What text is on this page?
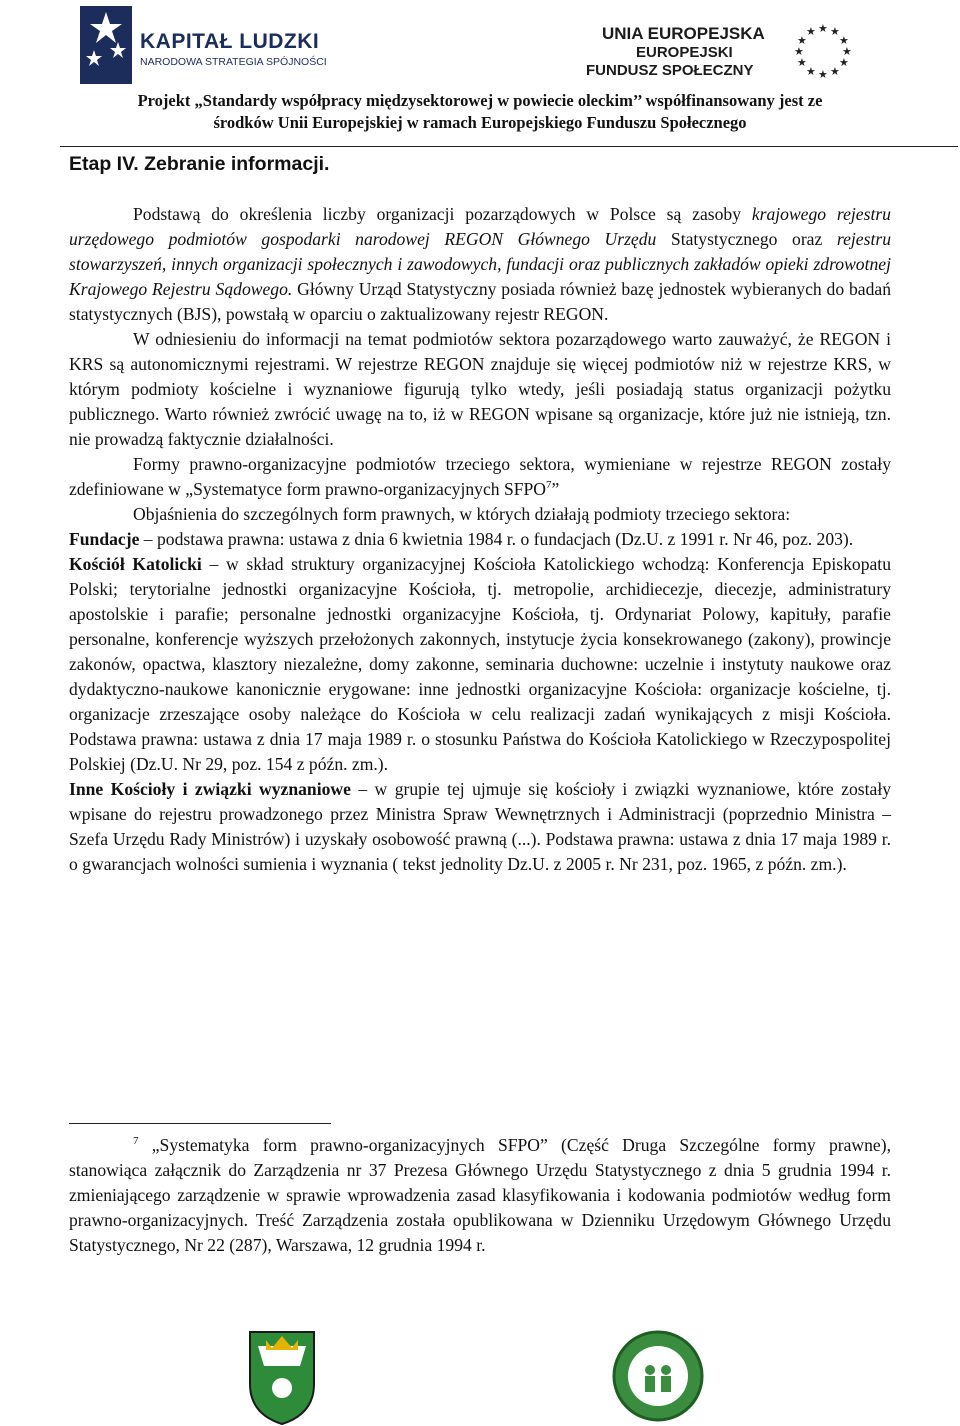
KAPITAŁ LUDZKI
NARODOWA STRATEGIA SPÓJNOŚCI
UNIA EUROPEJSKA
EUROPEJSKI
FUNDUSZ SPOŁECZNY
★ ★
★
★
★
★
★
★
★
★
★
★
Projekt „Standardy współpracy międzysektorowej w powiecie oleckim’’ współfinansowany jest ze
środków Unii Europejskiej w ramach Europejskiego Funduszu Społecznego
Etap IV. Zebranie informacji.

Podstawą do określenia liczby organizacji pozarządowych w Polsce są zasoby krajowego rejestru urzędowego podmiotów gospodarki narodowej REGON Głównego Urzędu Statystycznego oraz rejestru stowarzyszeń, innych organizacji społecznych i zawodowych, fundacji oraz publicznych zakładów opieki zdrowotnej Krajowego Rejestru Sądowego. Główny Urząd Statystyczny posiada również bazę jednostek wybieranych do badań statystycznych (BJS), powstałą w oparciu o zaktualizowany rejestr REGON.

W odniesieniu do informacji na temat podmiotów sektora pozarządowego warto zauważyć, że REGON i KRS są autonomicznymi rejestrami. W rejestrze REGON znajduje się więcej podmiotów niż w rejestrze KRS, w którym podmioty kościelne i wyznaniowe figurują tylko wtedy, jeśli posiadają status organizacji pożytku publicznego. Warto również zwrócić uwagę na to, iż w REGON wpisane są organizacje, które już nie istnieją, tzn. nie prowadzą faktycznie działalności.

Formy prawno-organizacyjne podmiotów trzeciego sektora, wymieniane w rejestrze REGON zostały zdefiniowane w „Systematyce form prawno-organizacyjnych SFPO$^7$”

Objaśnienia do szczególnych form prawnych, w których działają podmioty trzeciego sektora:

Fundacje – podstawa prawna: ustawa z dnia 6 kwietnia 1984 r. o fundacjach (Dz.U. z 1991 r. Nr 46, poz. 203).

Kościół Katolicki – w skład struktury organizacyjnej Kościoła Katolickiego wchodzą: Konferencja Episkopatu Polski; terytorialne jednostki organizacyjne Kościoła, tj. metropolie, archidiecezje, diecezje, administratury apostolskie i parafie; personalne jednostki organizacyjne Kościoła, tj. Ordynariat Polowy, kapituły, parafie personalne, konferencje wyższych przełożonych zakonnych, instytucje życia konsekrowanego (zakony), prowincje zakonów, opactwa, klasztory niezależne, domy zakonne, seminaria duchowne: uczelnie i instytuty naukowe oraz dydaktyczno-naukowe kanonicznie erygowane: inne jednostki organizacyjne Kościoła: organizacje kościelne, tj. organizacje zrzeszające osoby należące do Kościoła w celu realizacji zadań wynikających z misji Kościoła. Podstawa prawna: ustawa z dnia 17 maja 1989 r. o stosunku Państwa do Kościoła Katolickiego w Rzeczypospolitej Polskiej (Dz.U. Nr 29, poz. 154 z późn. zm.).

Inne Kościoły i związki wyznaniowe – w grupie tej ujmuje się kościoły i związki wyznaniowe, które zostały wpisane do rejestru prowadzonego przez Ministra Spraw Wewnętrznych i Administracji (poprzednio Ministra – Szefa Urzędu Rady Ministrów) i uzyskały osobowość prawną (...). Podstawa prawna: ustawa z dnia 17 maja 1989 r. o gwarancjach wolności sumienia i wyznania ( tekst jednolity Dz.U. z 2005 r. Nr 231, poz. 1965, z późn. zm.).

$^7$ „Systematyka form prawno-organizacyjnych SFPO” (Część Druga Szczególne formy prawne), stanowiąca załącznik do Zarządzenia nr 37 Prezesa Głównego Urzędu Statystycznego z dnia 5 grudnia 1994 r. zmieniającego zarządzenie w sprawie wprowadzenia zasad klasyfikowania i kodowania podmiotów według form prawno-organizacyjnych. Treść Zarządzenia została opublikowana w Dzienniku Urzędowym Głównego Urzędu Statystycznego, Nr 22 (287), Warszawa, 12 grudnia 1994 r.
